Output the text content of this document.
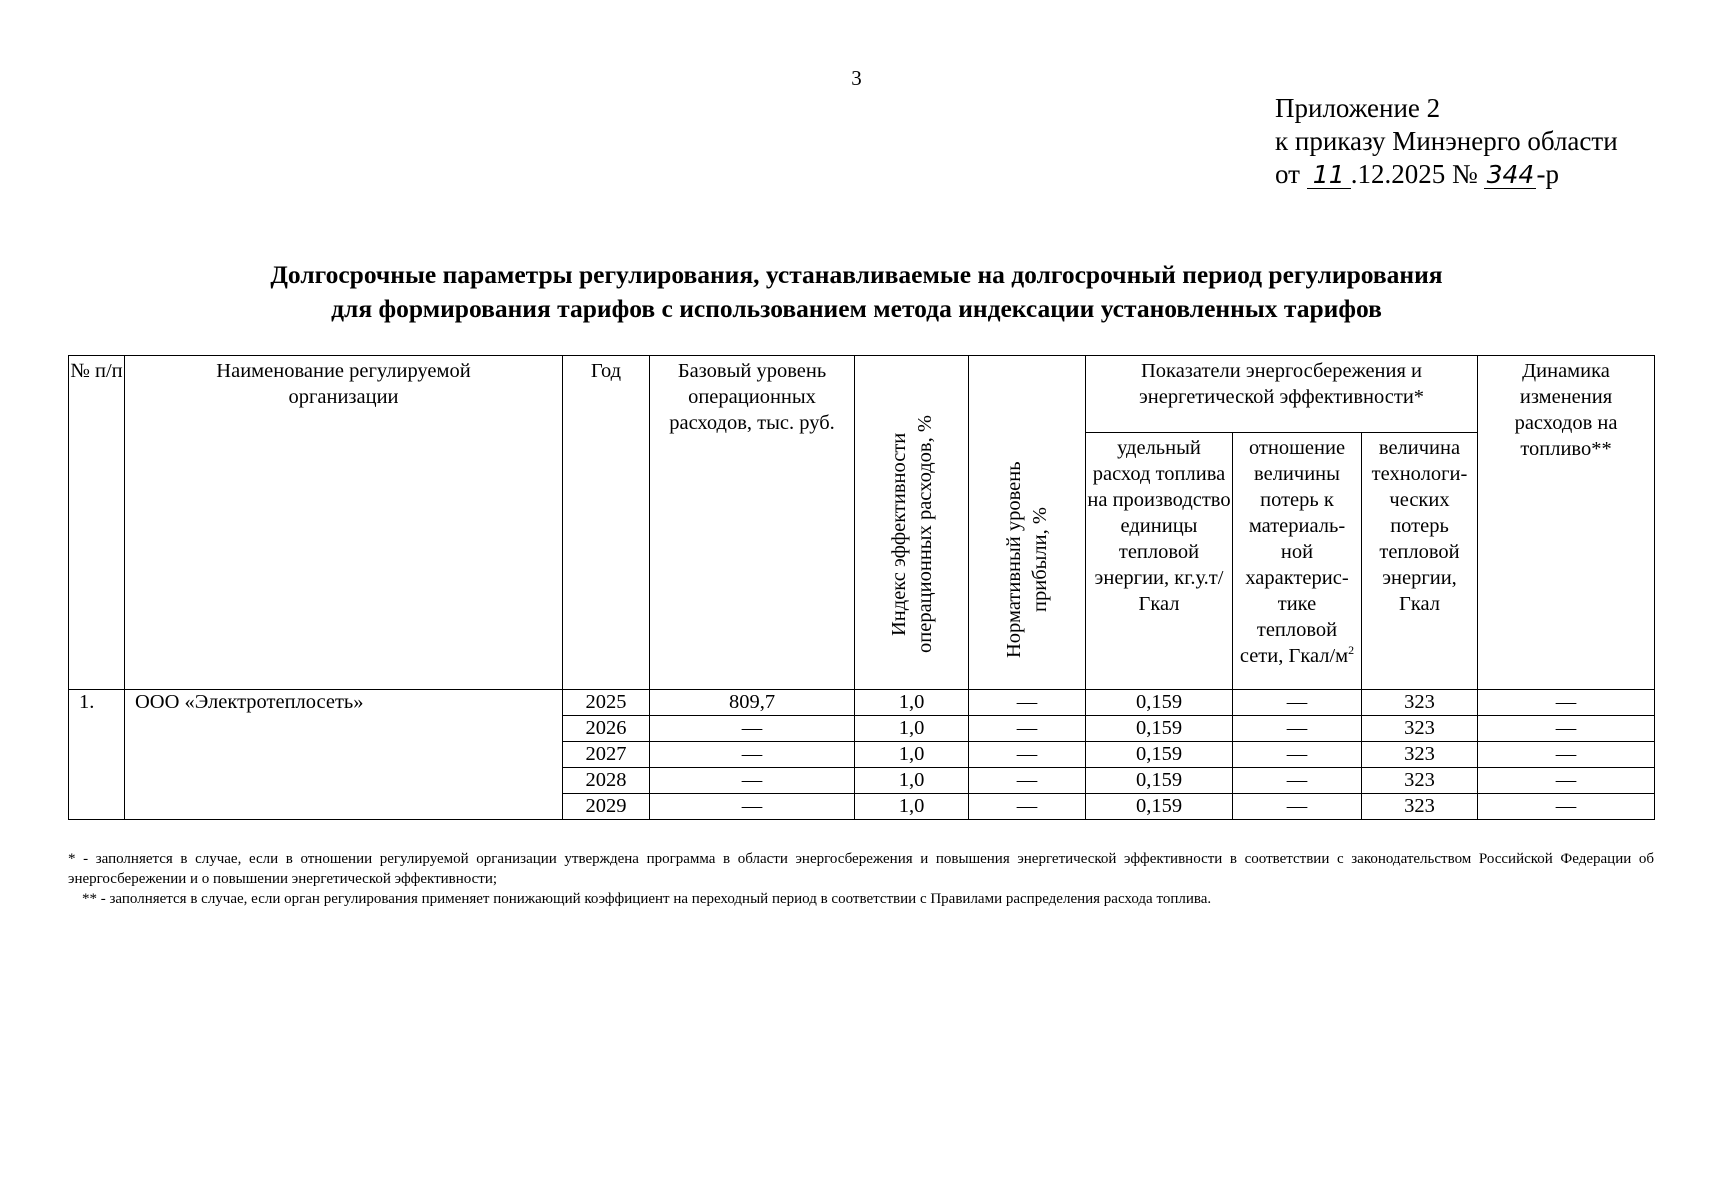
3
Приложение 2
к приказу Минэнерго области
от 11 .12.2025 № 344-р
Долгосрочные параметры регулирования, устанавливаемые на долгосрочный период регулирования
для формирования тарифов с использованием метода индексации установленных тарифов
№ п/п	Наименование регулируемой организации	Год	Базовый уровень операционных расходов, тыс. руб.	Индекс эффективности операционных расходов, %	Нормативный уровень прибыли, %	Показатели энергосбережения и энергетической эффективности*			Динамика изменения расходов на топливо**
						удельный расход топлива на производство единицы тепловой энергии, кг.у.т/Гкал	отношение величины потерь к материаль- ной характерис- тике тепловой сети, Гкал/$м^2$	величина технологи- ческих потерь тепловой энергии, Гкал	
1.	ООО «Электротеплосеть»	2025	809,7	1,0	—	0,159	—	323	—
		2026	—	1,0	—	0,159	—	323	—
		2027	—	1,0	—	0,159	—	323	—
		2028	—	1,0	—	0,159	—	323	—
		2029	—	1,0	—	0,159	—	323	—

* - заполняется в случае, если в отношении регулируемой организации утверждена программа в области энергосбережения и повышения энергетической эффективности в соответствии с законодательством Российской Федерации об энергосбережении и о повышении энергетической эффективности;

** - заполняется в случае, если орган регулирования применяет понижающий коэффициент на переходный период в соответствии с Правилами распределения расхода топлива.
